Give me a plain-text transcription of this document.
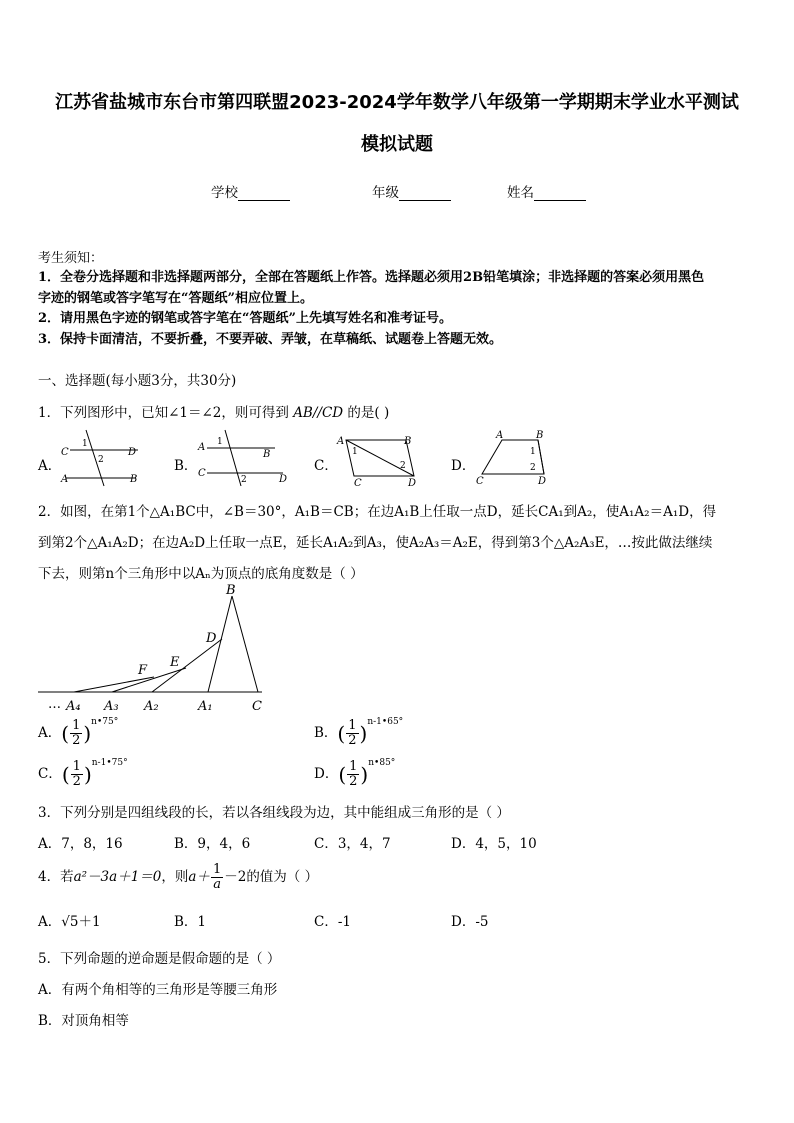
江苏省盐城市东台市第四联盟2023-2024学年数学八年级第一学期期末学业水平测试
模拟试题
学校	年级	姓名
考生须知：
1．全卷分选择题和非选择题两部分，全部在答题纸上作答。选择题必须用2B铅笔填涂；非选择题的答案必须用黑色
字迹的钢笔或答字笔写在“答题纸”相应位置上。
2．请用黑色字迹的钢笔或答字笔在“答题纸”上先填写姓名和准考证号。
3．保持卡面清洁，不要折叠，不要弄破、弄皱，在草稿纸、试题卷上答题无效。
一、选择题(每小题3分，共30分)
1．下列图形中，已知∠1＝∠2，则可得到 AB//CD 的是( )
A．
C	D
A	B
1
2	B．
A
B
C
D
1
2
C．
A	B
C	D
1
2	D．
A	B
C	D
1
2
2．如图，在第1个△A₁BC中，∠B＝30°，A₁B＝CB；在边A₁B上任取一点D，延长CA₁到A₂，使A₁A₂＝A₁D，得
到第2个△A₁A₂D；在边A₂D上任取一点E，延长A₁A₂到A₃，使A₂A₃＝A₂E，得到第3个△A₂A₃E，…按此做法继续
下去，则第n个三角形中以Aₙ为顶点的底角度数是（ ）
B
D
E
F
… A₄ A₃ A₂	A₁	C
A．( $\frac{1}{2} )^{n•75^\circ}$
B．( $\frac{1}{2} )^{n-1•65^\circ}$
C．( $\frac{1}{2} )^{n-1•75^\circ}$
D．( $\frac{1}{2} )^{n•85^\circ}$
3．下列分别是四组线段的长，若以各组线段为边，其中能组成三角形的是（ ）
A．7，8，16	B．9，4，6	C．3，4，7	D．4，5，10
4．若a²－3a＋1＝0，则$a+ \frac{1}{a} -2$的值为（ ）
A．√5＋1	B．1	C．-1	D．-5
5．下列命题的逆命题是假命题的是（ ）
A．有两个角相等的三角形是等腰三角形
B．对顶角相等
